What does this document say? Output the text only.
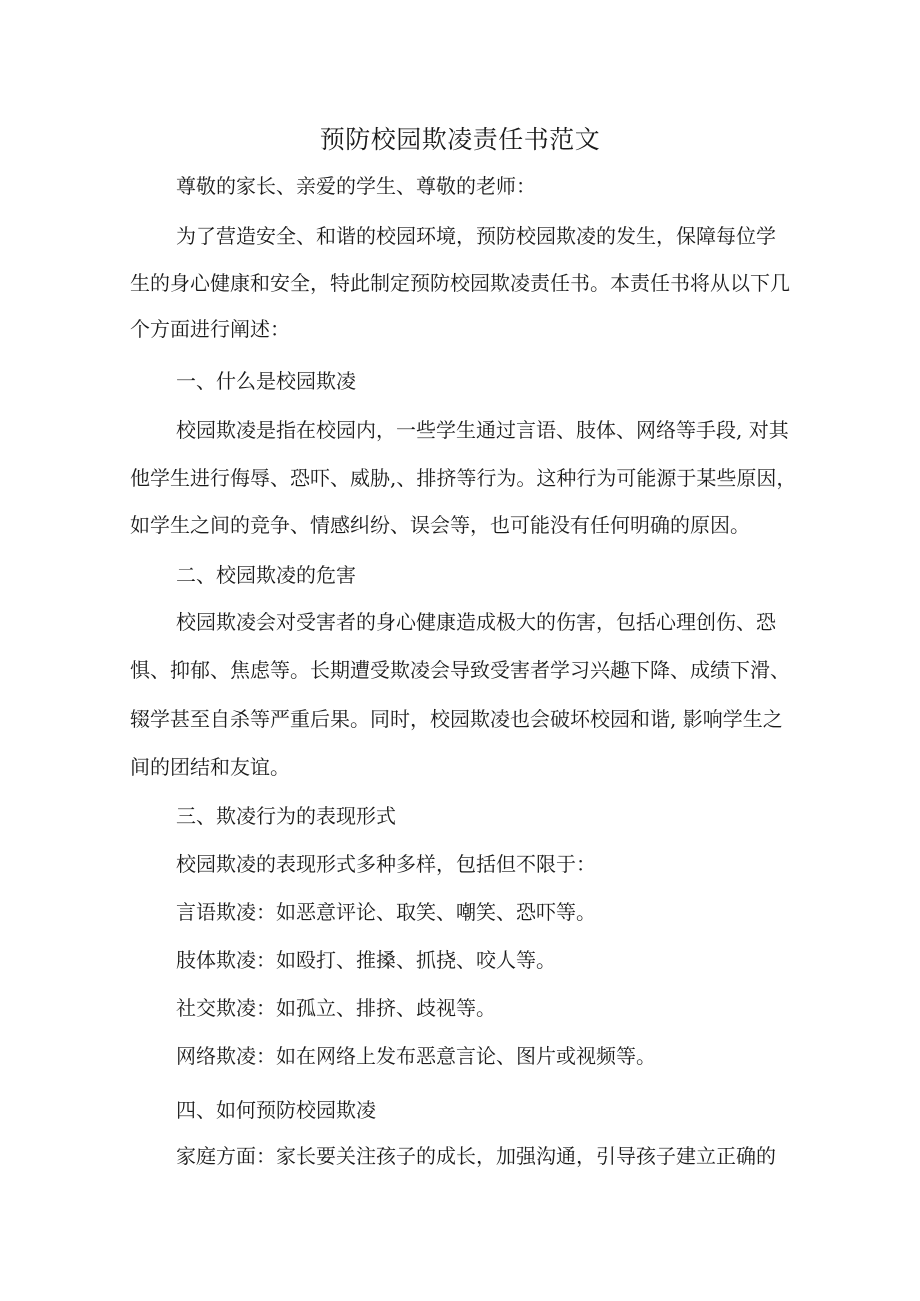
预防校园欺凌责任书范文
尊敬的家长、亲爱的学生、尊敬的老师：
为了营造安全、和谐的校园环境，预防校园欺凌的发生，保障每位学
生的身心健康和安全，特此制定预防校园欺凌责任书。本责任书将从以下几
个方面进行阐述：
一、什么是校园欺凌
校园欺凌是指在校园内，一些学生通过言语、肢体、网络等手段, 对其
他学生进行侮辱、恐吓、威胁,、排挤等行为。这种行为可能源于某些原因，
如学生之间的竞争、情感纠纷、误会等，也可能没有任何明确的原因。
二、校园欺凌的危害
校园欺凌会对受害者的身心健康造成极大的伤害，包括心理创伤、恐
惧、抑郁、焦虑等。长期遭受欺凌会导致受害者学习兴趣下降、成绩下滑、
辍学甚至自杀等严重后果。同时，校园欺凌也会破坏校园和谐, 影响学生之
间的团结和友谊。
三、欺凌行为的表现形式
校园欺凌的表现形式多种多样，包括但不限于：
言语欺凌：如恶意评论、取笑、嘲笑、恐吓等。
肢体欺凌：如殴打、推搡、抓挠、咬人等。
社交欺凌：如孤立、排挤、歧视等。
网络欺凌：如在网络上发布恶意言论、图片或视频等。
四、如何预防校园欺凌
家庭方面：家长要关注孩子的成长，加强沟通，引导孩子建立正确的
